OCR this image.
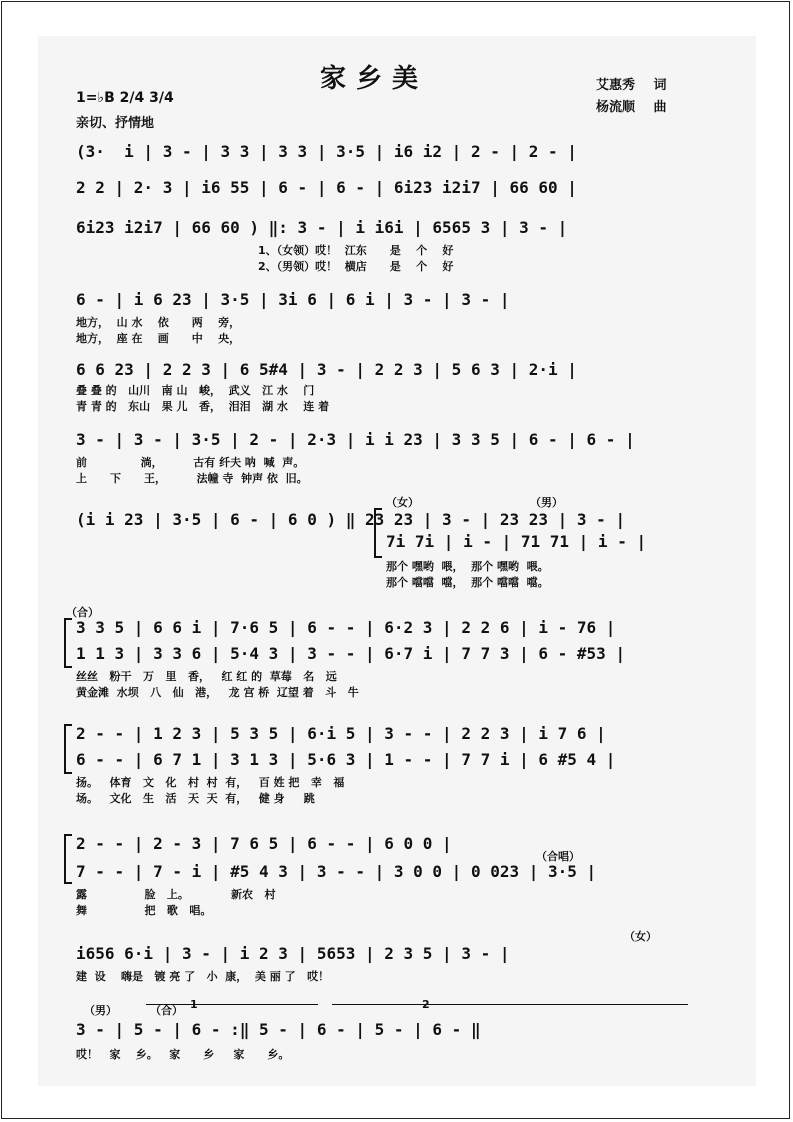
家乡美	艾惠秀 词
杨流顺 曲
1=♭B 2/4 3/4
亲切、抒情地
(3·  i | 3 - | 3 3 | 3 3 | 3·5 | i6 i2 | 2 - | 2 - |
2 2 | 2· 3 | i6 55 | 6 - | 6 - | 6i23 i2i7 | 66 60 |
6i23 i2i7 | 66 60 ) ‖: 3 - | i i6i | 6565 3 | 3 - |
1、（女领）哎！  江东      是    个    好
2、（男领）哎！  横店      是    个    好
6 - | i 6 23 | 3·5 | 3i 6 | 6 i | 3 - | 3 - |
地方，  山 水    依      两    旁，
地方，  座 在    画      中    央，
6 6 23 | 2 2 3 | 6 5#4 | 3 - | 2 2 3 | 5 6 3 | 2·i |
叠 叠 的   山川   南 山   峻，  武义   江 水    门
青 青 的   东山   果 儿   香，  泪泪   湖 水    连 着
3 - | 3 - | 3·5 | 2 - | 2·3 | i i 23 | 3 3 5 | 6 - | 6 - |
前              淌，        古有 纤夫 呐  喊  声。
上      下      王，        法幢 寺  钟声 依  旧。
（女）	（男）
(i i 23 | 3·5 | 6 - | 6 0 ) ‖ 23 23 | 3 - | 23 23 | 3 - |
7i 7i | i - | 71 71 | i - |
那个 嘿哟  喂，  那个 嘿哟  喂。
那个 噹噹  噹，  那个 噹噹  噹。
（合）
3 3 5 | 6 6 i | 7·6 5 | 6 - - | 6·2 3 | 2 2 6 | i - 76 |
1 1 3 | 3 3 6 | 5·4 3 | 3 - - | 6·7 i | 7 7 3 | 6 - #53 |
丝丝   粉干   万   里   香，   红 红 的  草莓   名   远
黄金滩  水坝   八   仙   港，   龙 宫 桥  辽望 着   斗   牛
2 - - | 1 2 3 | 5 3 5 | 6·i 5 | 3 - - | 2 2 3 | i 7 6 |
6 - - | 6 7 1 | 3 1 3 | 5·6 3 | 1 - - | 7 7 i | 6 #5 4 |
扬。   体育   文   化   村  村  有，   百 姓 把   幸   福
场。   文化   生   活   天  天  有，   健 身     跳
2 - - | 2 - 3 | 7 6 5 | 6 - - | 6 0 0 |
（合唱）
7 - - | 7 - i | #5 4 3 | 3 - - | 3 0 0 | 0 023 | 3·5 |
露               脸   上。           新农   村
舞               把   歌   唱。
（女）
i656 6·i | 3 - | i 2 3 | 5653 | 2 3 5 | 3 - |
建  设    嗨是   镀 亮 了   小  康，  美 丽 了   哎！
（男）	（合） 1	2
3 - | 5 - | 6 - :‖ 5 - | 6 - | 5 - | 6 - ‖
哎！   家    乡。   家      乡     家      乡。
